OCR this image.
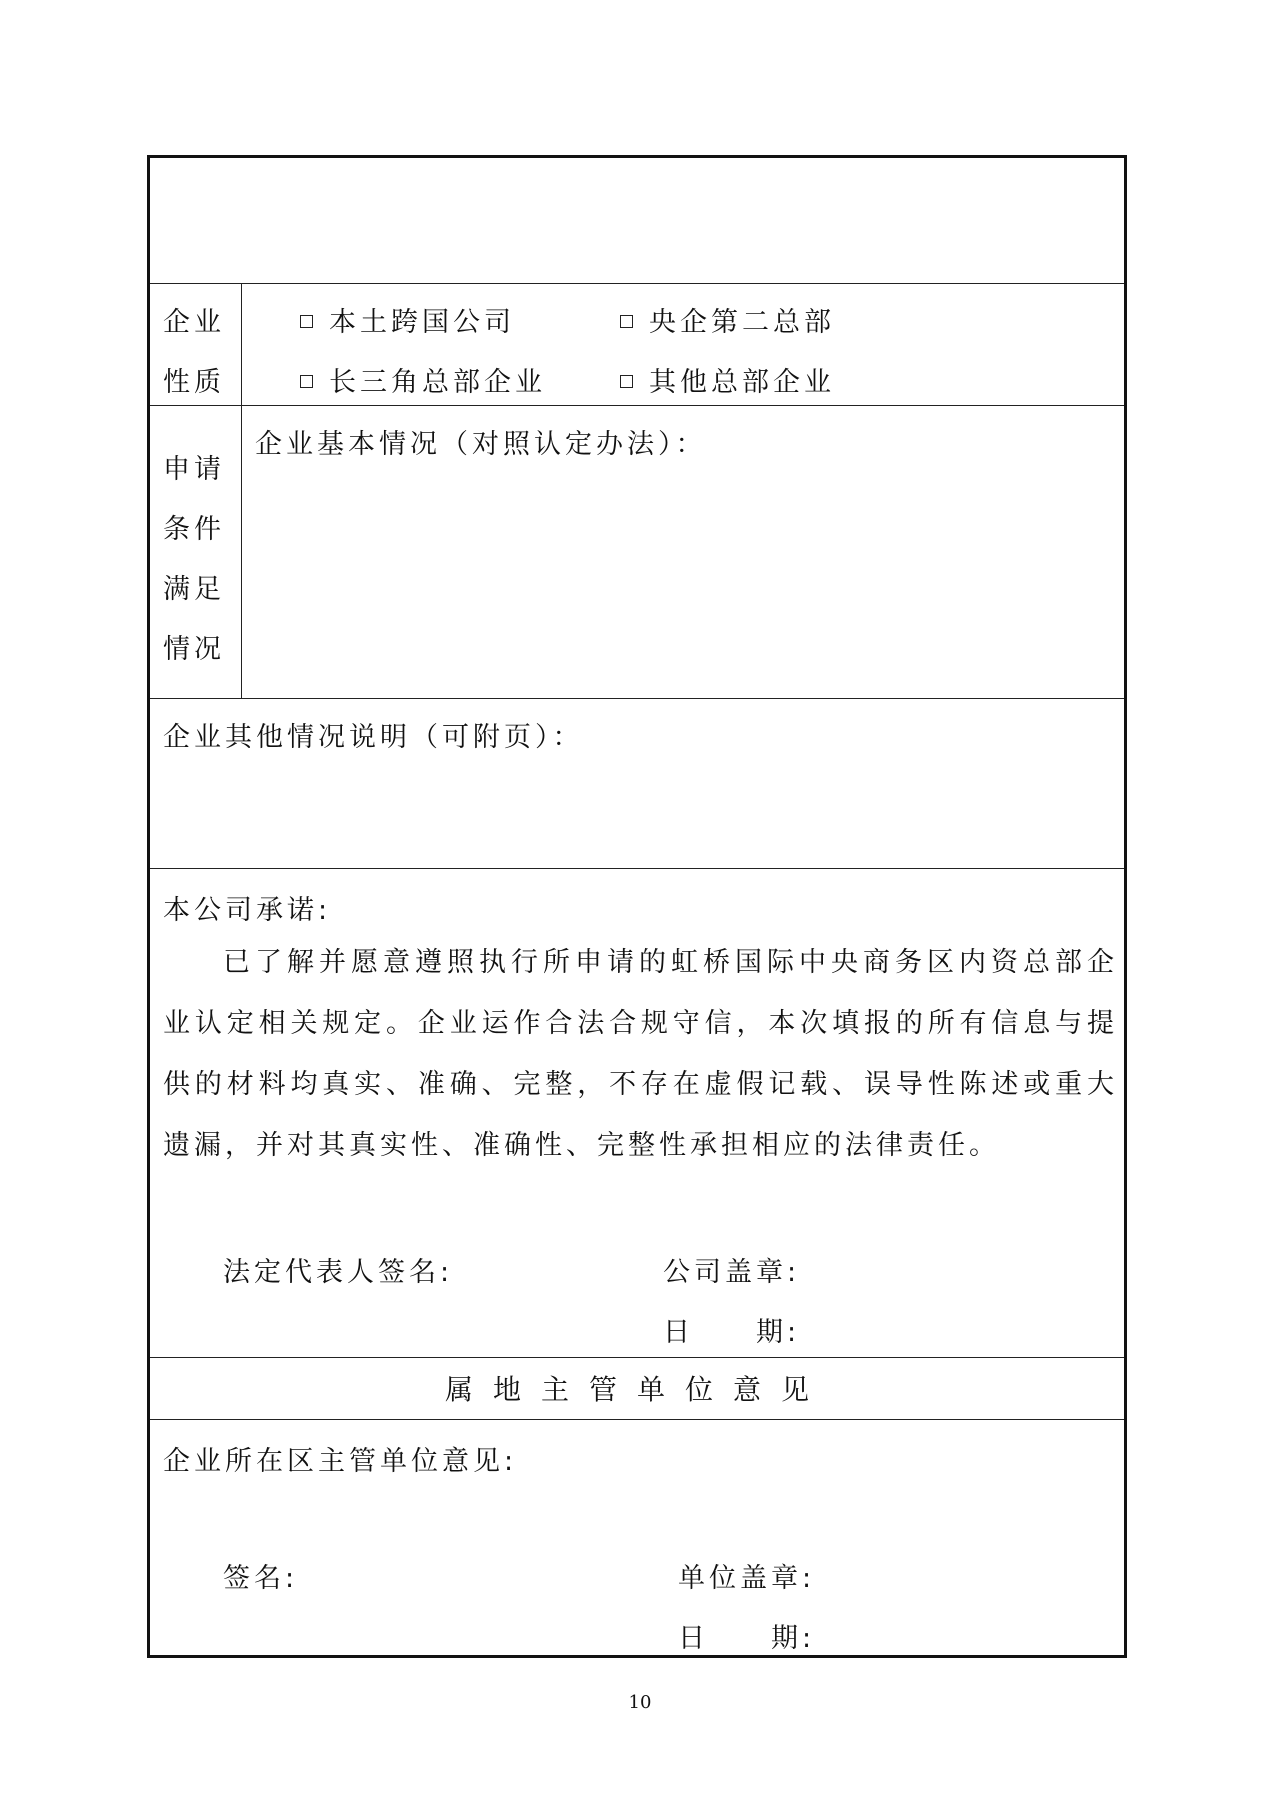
企业
性质
本土跨国公司	央企第二总部
长三角总部企业	其他总部企业
申请
条件
满足
情况
企业基本情况（对照认定办法）：
企业其他情况说明（可附页）：
本公司承诺:
已了解并愿意遵照执行所申请的虹桥国际中央商务区内资总部企业认定相关规定。企业运作合法合规守信，本次填报的所有信息与提供的材料均真实、准确、完整，不存在虚假记载、误导性陈述或重大遗漏，并对其真实性、准确性、完整性承担相应的法律责任。
法定代表人签名:	公司盖章:
日　　期:
属地主管单位意见
企业所在区主管单位意见:
签名:	单位盖章:
日　　期:
10
